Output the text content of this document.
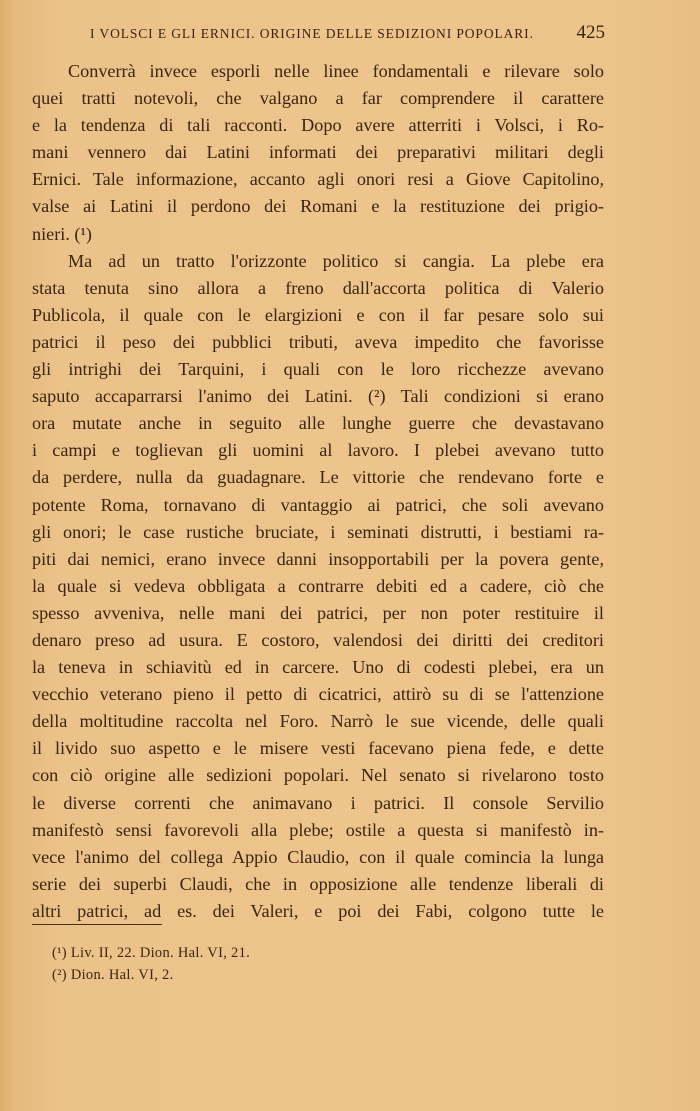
I VOLSCI E GLI ERNICI. ORIGINE DELLE SEDIZIONI POPOLARI. 425
Converrà invece esporli nelle linee fondamentali e rilevare solo
quei tratti notevoli, che valgano a far comprendere il carattere
e la tendenza di tali racconti. Dopo avere atterriti i Volsci, i Ro-
mani vennero dai Latini informati dei preparativi militari degli
Ernici. Tale informazione, accanto agli onori resi a Giove Capitolino,
valse ai Latini il perdono dei Romani e la restituzione dei prigio-
nieri. (¹)
Ma ad un tratto l'orizzonte politico si cangia. La plebe era
stata tenuta sino allora a freno dall'accorta politica di Valerio
Publicola, il quale con le elargizioni e con il far pesare solo sui
patrici il peso dei pubblici tributi, aveva impedito che favorisse
gli intrighi dei Tarquini, i quali con le loro ricchezze avevano
saputo accaparrarsi l'animo dei Latini. (²) Tali condizioni si erano
ora mutate anche in seguito alle lunghe guerre che devastavano
i campi e toglievan gli uomini al lavoro. I plebei avevano tutto
da perdere, nulla da guadagnare. Le vittorie che rendevano forte e
potente Roma, tornavano di vantaggio ai patrici, che soli avevano
gli onori; le case rustiche bruciate, i seminati distrutti, i bestiami ra-
piti dai nemici, erano invece danni insopportabili per la povera gente,
la quale si vedeva obbligata a contrarre debiti ed a cadere, ciò che
spesso avveniva, nelle mani dei patrici, per non poter restituire il
denaro preso ad usura. E costoro, valendosi dei diritti dei creditori
la teneva in schiavitù ed in carcere. Uno di codesti plebei, era un
vecchio veterano pieno il petto di cicatrici, attirò su di se l'attenzione
della moltitudine raccolta nel Foro. Narrò le sue vicende, delle quali
il livido suo aspetto e le misere vesti facevano piena fede, e dette
con ciò origine alle sedizioni popolari. Nel senato si rivelarono tosto
le diverse correnti che animavano i patrici. Il console Servilio
manifestò sensi favorevoli alla plebe; ostile a questa si manifestò in-
vece l'animo del collega Appio Claudio, con il quale comincia la lunga
serie dei superbi Claudi, che in opposizione alle tendenze liberali di
altri patrici, ad es. dei Valeri, e poi dei Fabi, colgono tutte le
(¹) Liv. II, 22. Dion. Hal. VI, 21.
(²) Dion. Hal. VI, 2.
